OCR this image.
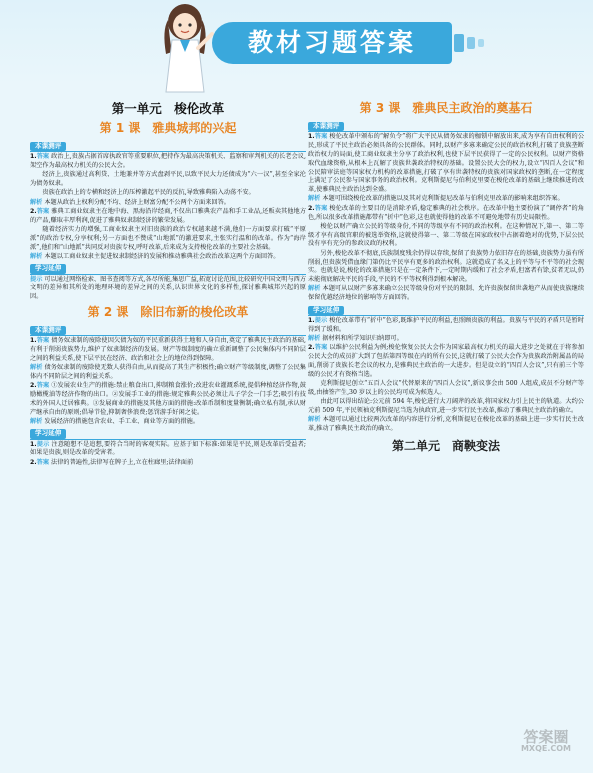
教材习题答案
第一单元　梭伦改革
第 1 课　雅典城邦的兴起
本课测评

1.答案 政治上,贵族占据首席执政官等重要职位,把持作为最高决策机关、监察和审判机关的长老会议,架空作为最高权力机关的公民大会。

经济上,贵族通过高利贷、土地兼并等方式盘剥平民,以致平民大力还债成为“六一汉”,甚至全家沦为债务奴隶。

贵族在政治上的专横和经济上的压榨激起平民的反抗,导致雅典陷入动荡不安。

解析 本题从政治上权利分配不均、经济上财富分配不公两个方面来回答。

2.答案 雅典工商业奴隶主在地中海、黑海沿岸经商,不仅出口雅典农产品和手工业品,还贩卖其他地方的产品,赚取丰厚利润,促进了雅典奴隶制经济的繁荣发展。

随着经济实力的增强,工商业奴隶主对旧贵族的政治专权越来越不满,他们一方面要求打破“平原派”的政治专权,分享权利;另一方面也不赞成“山地派”的激进要求,主张实行温和的改革。作为“海岸派”,他们和“山地派”共同反对贵族专权,呼吁改革,后来成为支持梭伦改革的主要社会基础。

解析 本题以工商业奴隶主促进奴隶制经济的发展和推动雅典社会政治改革这两个方面回答。

学习延伸

提示 可以通过网络检索、图书查阅等方式,各尽所能,集思广益,拓宽讨论范围,比较研究中国文明与西方文明的差异和其所处的地理环境的差异之间的关系,认识世界文化的多样性,探讨雅典城邦兴起的原因。

第 2 课　除旧布新的梭伦改革
本课测评

1.答案 债务奴隶制的废除使因欠债为奴的平民重新获得土地和人身自由,奠定了雅典民主政治的基础,有利于削弱贵族势力,维护了奴隶制经济的发展。财产等级制度的确立重新调整了公民集体内不同阶层之间的利益关系,使下层平民在经济、政治和社会上的地位得到保障。

解析 债务奴隶制的废除使无数人获得自由,从而提高了其生产积极性;确立财产等级制度,调整了公民集体内不同阶层之间的利益关系。

2.答案 ①发展农业生产的措施:禁止粮食出口,抑制粮食涨价;改进农业灌溉系统,提倡种植经济作物,鼓励橄榄油等经济作物的出口。②发展手工业的措施:规定雅典公民必须让儿子学会一门手艺;吸引有技术的外国人迁居雅典。③发展商业的措施及其他方面的措施:改革币制和度量衡制;确立私有制,承认财产继承自由的原则;倡导节俭,抑制奢侈浪费;惩罚游手好闲之徒。

解析 发展经济的措施包含农业、手工业、商业等方面的措施。

学习延伸

1.提示 注意随想不是追想,要符合当时的客观实际。应基于如下标准:如果是平民,则是改革后受益者;如果是贵族,则是改革的受害者。

2.答案 法律的普遍性,法律写在牌子上,立在柱廊里;法律面前

第 3 课　雅典民主政治的奠基石
本课测评

1.答案 梭伦改革中颁布的“解负令”将广大平民从债务奴隶的枷锁中解放出来,成为享有自由权利的公民,形成了平民主政治必须具备的公民群体。同时,以财产多寡来确定公民的政治权利,打破了贵族垄断政治权力的局面,使工商业奴隶主分享了政治权利,也使下层平民获得了一定的公民权利。以财产资格取代血缘资格,从根本上瓦解了贵族世袭政治特权的基础。设置公民大会的权力,设立“四百人会议”和公民陪审法庭等国家权力机构的改革措施,打破了享有世袭特权的贵族对国家政权的垄断,在一定程度上满足了公民参与国家事务的政治权利。克利斯提尼与伯利克里要在梭伦改革的基础上继续推进的改革,使雅典民主政治达到全盛。

解析 本题可围绕梭伦改革的措施以及其对克利斯提尼改革与伯利克里改革的影响来组织答案。

2.答案 梭伦改革的主要目的是消除矛盾,稳定雅典的社会秩序。在改革中他主要扮演了“调停者”的角色,所以很多改革措施都带有“折中”色彩,这也就使得他的改革不可避免地带有历史局限性。

梭伦以财产确立公民的等级身份,不同的等级享有不同的政治权利。在这种情况下,第一、第二等级才享有高级官职的被选举资格,这就使得第一、第二等级在国家政权中占据着绝对的优势,下层公民没有享有充分的参政议政的权利。

另外,梭伦改革不彻底,氏族制度残余仍得以存续,保留了贵族势力依旧存在的基础,贵族势力虽有所削弱,但贵族凭借血缘门第仍比平民享有更多的政治权利。这就造成了名义上的平等与不平等的社会现实。也就是说,梭伦的改革措施只是在一定条件下,一定时期内缓和了社会矛盾,但富者有馀,贫者无以,仍未能彻底解决平民的手段,平民的不平等权利得到根本解决。

解析 本题可从以财产多寡来确立公民等级身份对平民的限制、允许贵族保留世袭地产从而使贵族继续保留优越经济地位的影响等方面回答。

学习延伸

1.提示 梭伦改革带有“折中”色彩,既维护平民的利益,也照顾贵族的利益。贵族与平民的矛盾只是暂时得到了缓和。

解析 据材料和所学知识归纳即可。

2.答案 以维护公民利益为例;梭伦恢复公民大会作为国家最高权力机关的最大进步之处就在于将参加公民大会的成员扩大到了包括第四等级在内的所有公民,这就打破了公民大会作为贵族政治附属品的局面,削弱了贵族长老会议的权力,是雅典民主政治的一大进步。但是设立的“四百人会议”,只有前三个等级的公民才有资格当选。

克利斯提尼创立“五百人会议”代替原来的“四百人会议”,新议事会由 500 人组成,成员不分财产等级,由抽签产生,30 岁以上的公民均可成为候选人。

由此可以得出结论:公元前 594 年,梭伦进行大刀阔斧的改革,将国家权力引上民主的轨道。大约公元前 509 年,平民领袖克利斯提尼当选为执政官,进一步实行民主改革,推动了雅典民主政治的确立。

解析 本题可以通过比较两次改革的内容进行分析,克利斯提尼在梭伦改革的基础上进一步实行民主改革,推动了雅典民主政治的确立。

第二单元　商鞅变法
答案圈
MXQE.COM
